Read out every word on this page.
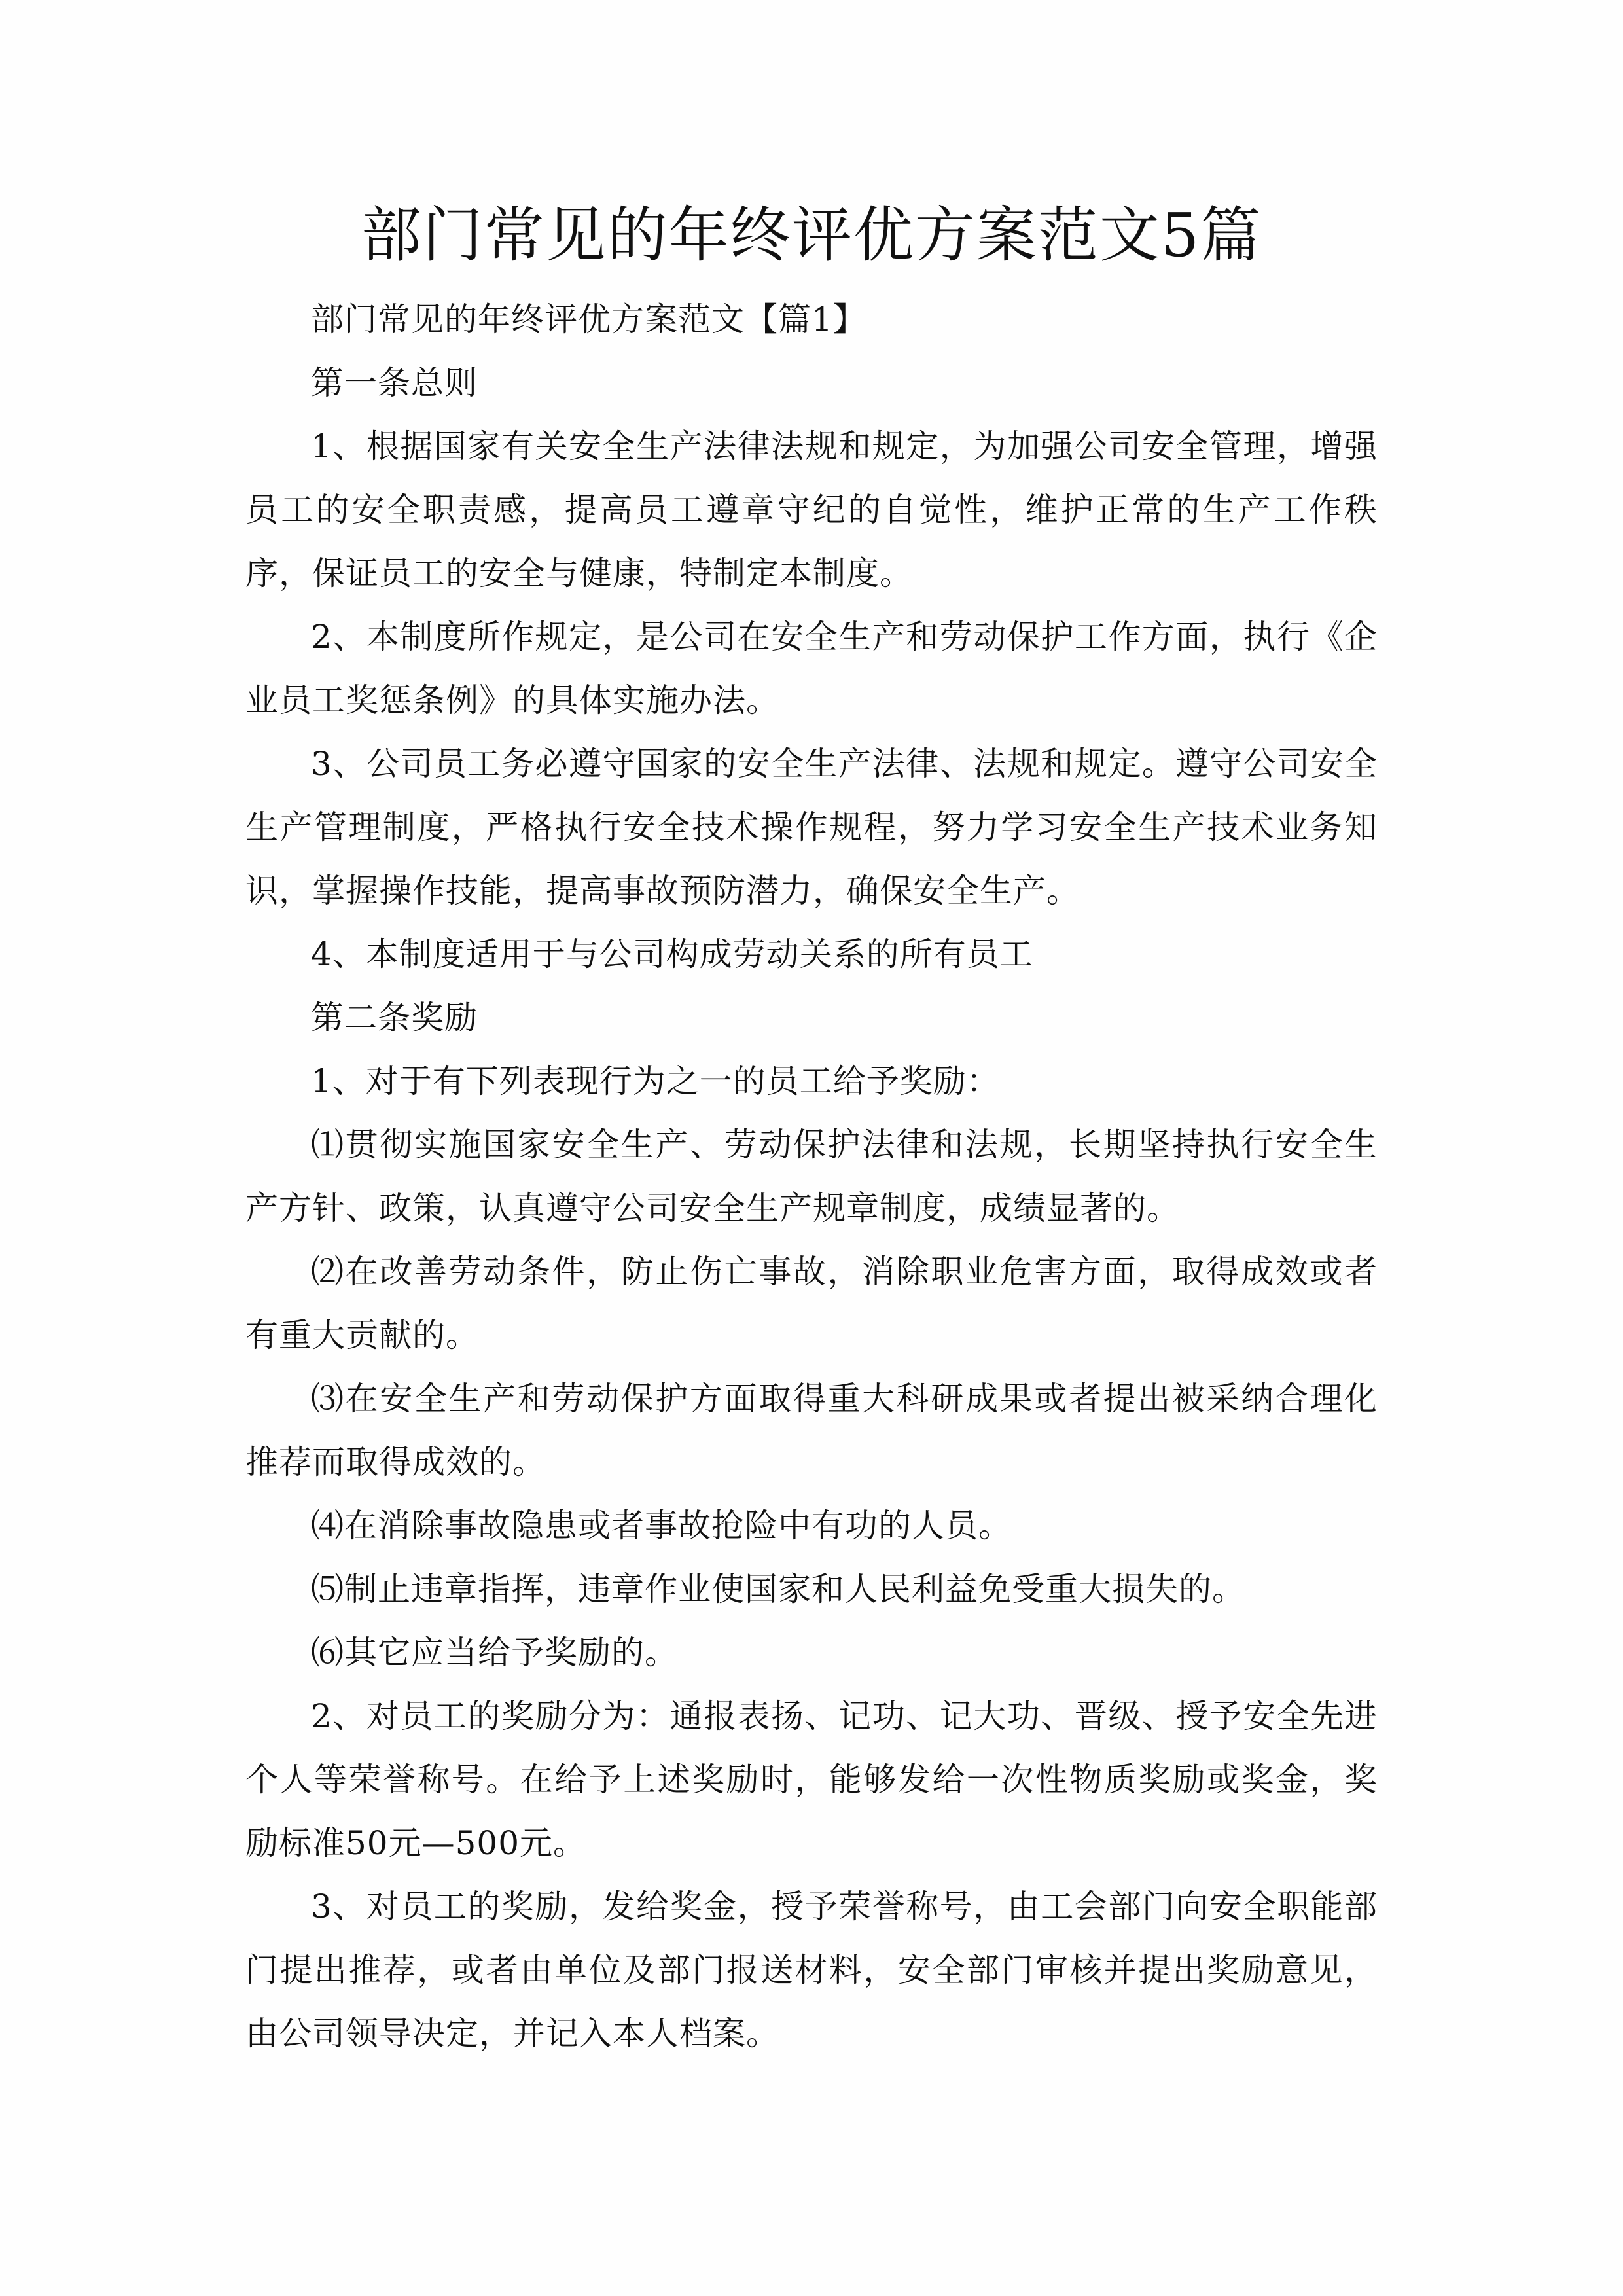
部门常见的年终评优方案范文5篇

部门常见的年终评优方案范文【篇1】

第一条总则

1、根据国家有关安全生产法律法规和规定，为加强公司安全管理，增强员工的安全职责感，提高员工遵章守纪的自觉性，维护正常的生产工作秩序，保证员工的安全与健康，特制定本制度。

2、本制度所作规定，是公司在安全生产和劳动保护工作方面，执行《企业员工奖惩条例》的具体实施办法。

3、公司员工务必遵守国家的安全生产法律、法规和规定。遵守公司安全生产管理制度，严格执行安全技术操作规程，努力学习安全生产技术业务知识，掌握操作技能，提高事故预防潜力，确保安全生产。

4、本制度适用于与公司构成劳动关系的所有员工

第二条奖励

1、对于有下列表现行为之一的员工给予奖励：

⑴贯彻实施国家安全生产、劳动保护法律和法规，长期坚持执行安全生产方针、政策，认真遵守公司安全生产规章制度，成绩显著的。

⑵在改善劳动条件，防止伤亡事故，消除职业危害方面，取得成效或者有重大贡献的。

⑶在安全生产和劳动保护方面取得重大科研成果或者提出被采纳合理化推荐而取得成效的。

⑷在消除事故隐患或者事故抢险中有功的人员。

⑸制止违章指挥，违章作业使国家和人民利益免受重大损失的。

⑹其它应当给予奖励的。

2、对员工的奖励分为：通报表扬、记功、记大功、晋级、授予安全先进个人等荣誉称号。在给予上述奖励时，能够发给一次性物质奖励或奖金，奖励标准50元—500元。

3、对员工的奖励，发给奖金，授予荣誉称号，由工会部门向安全职能部门提出推荐，或者由单位及部门报送材料，安全部门审核并提出奖励意见，由公司领导决定，并记入本人档案。
